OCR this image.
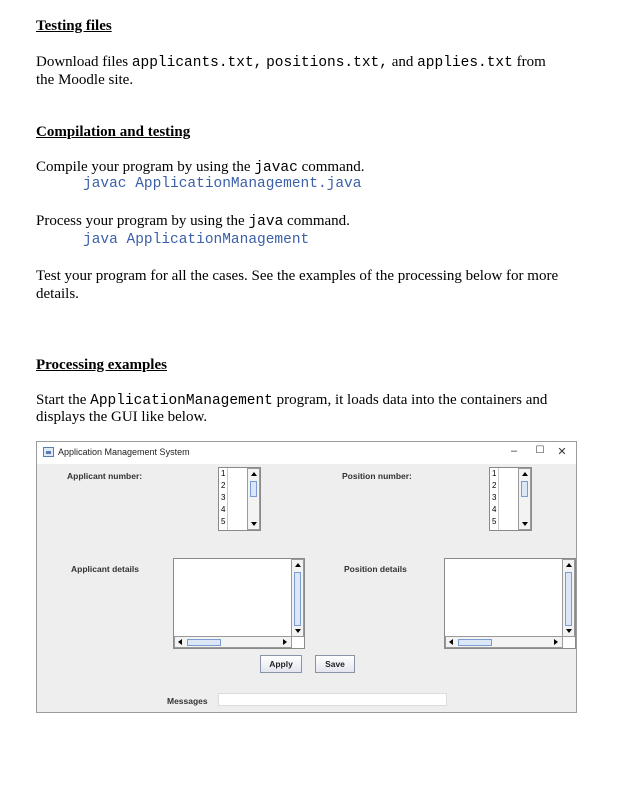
Testing files
Download files applicants.txt, positions.txt, and applies.txt from
the Moodle site.
Compilation and testing
Compile your program by using the javac command.
javac ApplicationManagement.java
Process your program by using the java command.
java ApplicationManagement
Test your program for all the cases. See the examples of the processing below for more
details.
Processing examples
Start the ApplicationManagement program, it loads data into the containers and
displays the GUI like below.
Application Management System	–	☐	✕
Applicant number:	Position number:
1
2
3
4
5
1
2
3
4
5
Applicant details	Position details
Apply	Save
Messages
